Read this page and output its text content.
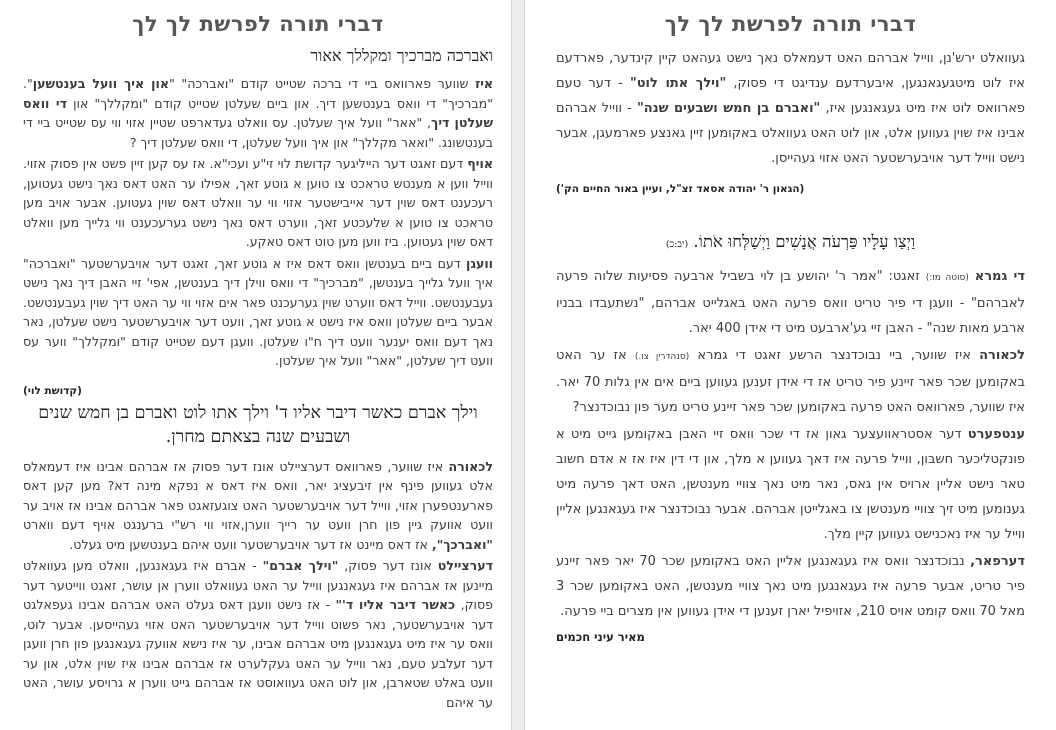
דברי תורה לפרשת לך לך
געוואלט ירש'נן, ווייל אברהם האט דעמאלס נאך נישט געהאט קיין קינדער, פארדעם איז לוט מיטגעגאנגען, איבערדעם ענדיגט די פסוק, "וילך אתו לוט" - דער טעם פארוואס לוט איז מיט געגאנגען איז, "ואברם בן חמש ושבעים שנה" - ווייל אברהם אבינו איז שוין געווען אלט, און לוט האט געוואלט באקומען זיין גאנצע פארמעגן, אבער נישט ווייל דער אויבערשטער האט אזוי געהייסן.
(הגאון ר' יהודה אסאד זצ"ל, ועיין באור החיים הק')
וַיְצַו עָלָיו פַּרְעֹה אֲנָשִׁים וַיְשַׁלְּחוּ אֹתוֹ. (יב:כ)
די גמרא (סוטה מו:) זאגט: "אמר ר' יהושע בן לוי בשביל ארבעה פסיעות שלוה פרעה לאברהם" - וועגן די פיר טריט וואס פרעה האט באגלייט אברהם, "נשתעבדו בבניו ארבע מאות שנה" - האבן זיי גע'ארבעט מיט די אידן 400 יאר.
לכאורה איז שווער, ביי נבוכדנצר הרשע זאגט די גמרא (סנהדרין צו.) אז ער האט באקומען שכר פאר זיינע פיר טריט אז די אידן זענען געווען ביים אים אין גלות 70 יאר. איז שווער, פארוואס האט פרעה באקומען שכר פאר זיינע טריט מער פון נבוכדנצר?
ענטפערט דער אסטראוועצער גאון אז די שכר וואס זיי האבן באקומען גייט מיט א פונקטליכער חשבון, ווייל פרעה איז דאך געווען א מלך, און די דין איז אז א אדם חשוב טאר נישט אליין ארויס אין גאס, נאר מיט נאך צוויי מענטשן, האט דאך פרעה מיט גענומען מיט זיך צוויי מענטשן צו באגלייטן אברהם. אבער נבוכדנצר איז געגאנגען אליין ווייל ער איז נאכנישט געווען קיין מלך.
דערפאר, נבוכדנצר וואס איז געגאנגען אליין האט באקומען שכר 70 יאר פאר זיינע פיר טריט, אבער פרעה איז געגאנגען מיט נאך צוויי מענטשן, האט באקומען שכר 3 מאל 70 וואס קומט אויס 210, אזויפיל יארן זענען די אידן געווען אין מצרים ביי פרעה.
מאיר עיני חכמים
דברי תורה לפרשת לך לך
ואברכה מברכיך ומקללך אאור
איז שווער פארוואס ביי די ברכה שטייט קודם "ואברכה" "און איך וועל בענטשען". "מברכיך" די וואס בענטשען דיך. און ביים שעלטן שטייט קודם "ומקללך" און די וואס שעלטן דיך, "אאר" וועל איך שעלטן. עס וואלט געדארפט שטיין אזוי ווי עס שטייט ביי די בענטשונג. "ואאר מקללך" און איך וועל שעלטן, די וואס שעלטן דיך ?
אויף דעם זאגט דער הייליגער קדושת לוי זי"ע ועכי"א. אז עס קען זיין פשט אין פסוק אזוי. ווייל ווען א מענטש טראכט צו טוען א גוטע זאך, אפילו ער האט דאס נאך נישט געטוען, רעכענט דאס שוין דער אייבישטער אזוי ווי ער וואלט דאס שוין געטוען. אבער אויב מען טראכט צו טוען א שלעכטע זאך, ווערט דאס נאך נישט גערעכענט ווי גלייך מען וואלט דאס שוין געטוען. ביז ווען מען טוט דאס טאקע.
וועגן דעם ביים בענטשן וואס דאס איז א גוטע זאך, זאגט דער אויבערשטער "ואברכה" איך וועל גלייך בענטשן, "מברכיך" די וואס ווילן דיך בענטשן, אפי' זיי האבן דיך נאך נישט געבענטשט. ווייל דאס ווערט שוין גערעכנט פאר אים אזוי ווי ער האט דיך שוין געבענטשט. אבער ביים שעלטן וואס איז נישט א גוטע זאך, וועט דער אויבערשטער נישט שעלטן, נאר נאך דעם וואס יענער וועט דיך ח"ו שעלטן. וועגן דעם שטייט קודם "ומקללך" ווער עס וועט דיך שעלטן, "אאר" וועל איך שעלטן.
(קדושת לוי)
וילך אברם כאשר דיבר אליו ד' וילך אתו לוט ואברם בן חמש שנים ושבעים שנה בצאתם מחרן.
לכאורה איז שווער, פארוואס דערציילט אונז דער פסוק אז אברהם אבינו איז דעמאלס אלט געווען פינף אין זיבעציג יאר, וואס איז דאס א נפקא מינה דא? מען קען דאס פארענטפערן אזוי, ווייל דער אויבערשטער האט צוגעזאגט פאר אברהם אבינו אז אויב ער וועט אוועק גיין פון חרן וועט ער רייך ווערן,אזוי ווי רש"י ברענגט אויף דעם ווארט "ואברכך", אז דאס מיינט אז דער אויבערשטער וועט איהם בענטשען מיט געלט.
דערציילט אונז דער פסוק, "וילך אברם" - אברם איז געגאנגען, וואלט מען געוואלט מיינען אז אברהם איז געגאנגען ווייל ער האט געוואלט ווערן אן עושר, זאגט ווייטער דער פסוק, כאשר דיבר אליו ד'" - אז נישט וועגן דאס געלט האט אברהם אבינו געפאלגט דער אויבערשטער, נאר פשוט ווייל דער אויבערשטער האט אזוי געהייסען. אבער לוט, וואס ער איז מיט געגאנגען מיט אברהם אבינו, ער איז נישא אוועק געגאנגען פון חרן וועגן דער זעלבע טעם, נאר ווייל ער האט געקלערט אז אברהם אבינו איז שוין אלט, און ער וועט באלט שטארבן, און לוט האט געוואוסט אז אברהם גייט ווערן א גרויסע עושר, האט ער איהם
